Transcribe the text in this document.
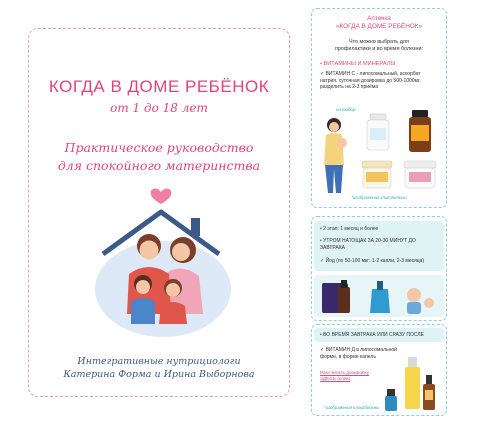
КОГДА В ДОМЕ РЕБЁНОК
от 1 до 18 лет
Практическое руководство
для спокойного материнства
Интегративные нутрициологи
Катерина Форма и Ирина Выборнова
Аптечка
«КОГДА В ДОМЕ РЕБЁНОК»
Что можно выбрать для
профилактики и во время болезни:
• ВИТАМИНЫ И МИНЕРАЛЫ
✓ ВИТАМИН С - липосомальный, аскорбат
натрия, суточная дозировка до 500-1000мг,
разделить на 2-3 приёма
на выбор:
*изображения кликабельны
• 2 этап: 1 месяц и более
• УТРОМ НАТОЩАК ЗА 20-30 МИНУТ ДО
ЗАВТРАКА
✓ Йод (по 50-100 мкг: 1-2 капли, 2-3 месяца)
• ВО ВРЕМЯ ЗАВТРАКА ИЛИ СРАЗУ ПОСЛЕ
✓ ВИТАМИН Д в липосомальной
форме, в форме капель
Рассчитать дозировку
ЗДЕСЬ (клик)
*изображения кликабельны
